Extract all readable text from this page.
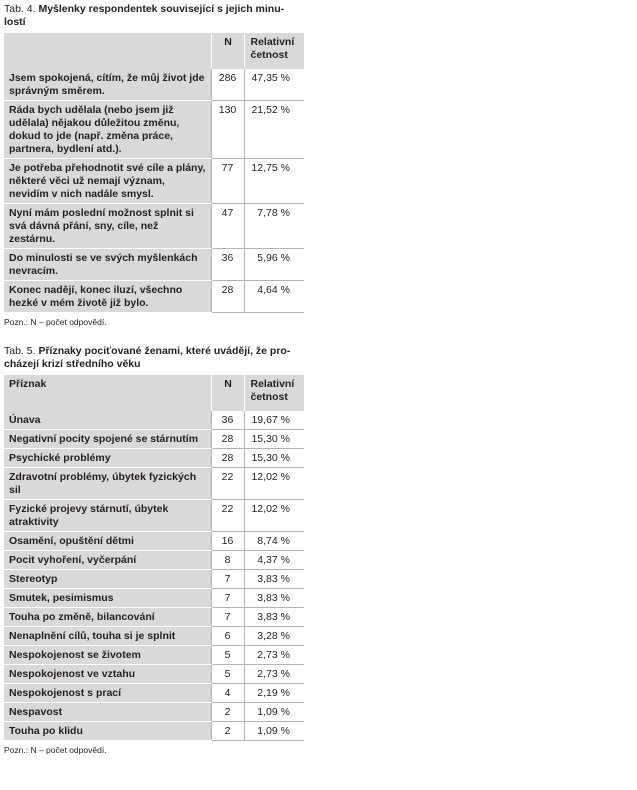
Tab. 4. Myšlenky respondentek související s jejich minu-
lostí
	N	Relativní četnost
Jsem spokojená, cítím, že můj život jde správným směrem.	286	47,35 %
Ráda bych udělala (nebo jsem již udělala) nějakou důležitou změnu, dokud to jde (např. změna práce, partnera, bydlení atd.).	130	21,52 %
Je potřeba přehodnotit své cíle a plány, některé věci už nemají význam, nevidím v nich nadále smysl.	77	12,75 %
Nyní mám poslední možnost splnit si svá dávná přání, sny, cíle, než zestárnu.	47	7,78 %
Do minulosti se ve svých myšlenkách nevracím.	36	5,96 %
Konec nadějí, konec iluzí, všechno hezké v mém životě již bylo.	28	4,64 %
Pozn.: N – počet odpovědí.
Tab. 5. Příznaky pociťované ženami, které uvádějí, že pro-
cházejí krizí středního věku
Příznak	N	Relativní četnost
Únava	36	19,67 %
Negativní pocity spojené se stárnutím	28	15,30 %
Psychické problémy	28	15,30 %
Zdravotní problémy, úbytek fyzických sil	22	12,02 %
Fyzické projevy stárnutí, úbytek atraktivity	22	12,02 %
Osamění, opuštění dětmi	16	8,74 %
Pocit vyhoření, vyčerpání	8	4,37 %
Stereotyp	7	3,83 %
Smutek, pesimismus	7	3,83 %
Touha po změně, bilancování	7	3,83 %
Nenaplnění cílů, touha si je splnit	6	3,28 %
Nespokojenost se životem	5	2,73 %
Nespokojenost ve vztahu	5	2,73 %
Nespokojenost s prací	4	2,19 %
Nespavost	2	1,09 %
Touha po klidu	2	1,09 %
Pozn.: N – počet odpovědí.
